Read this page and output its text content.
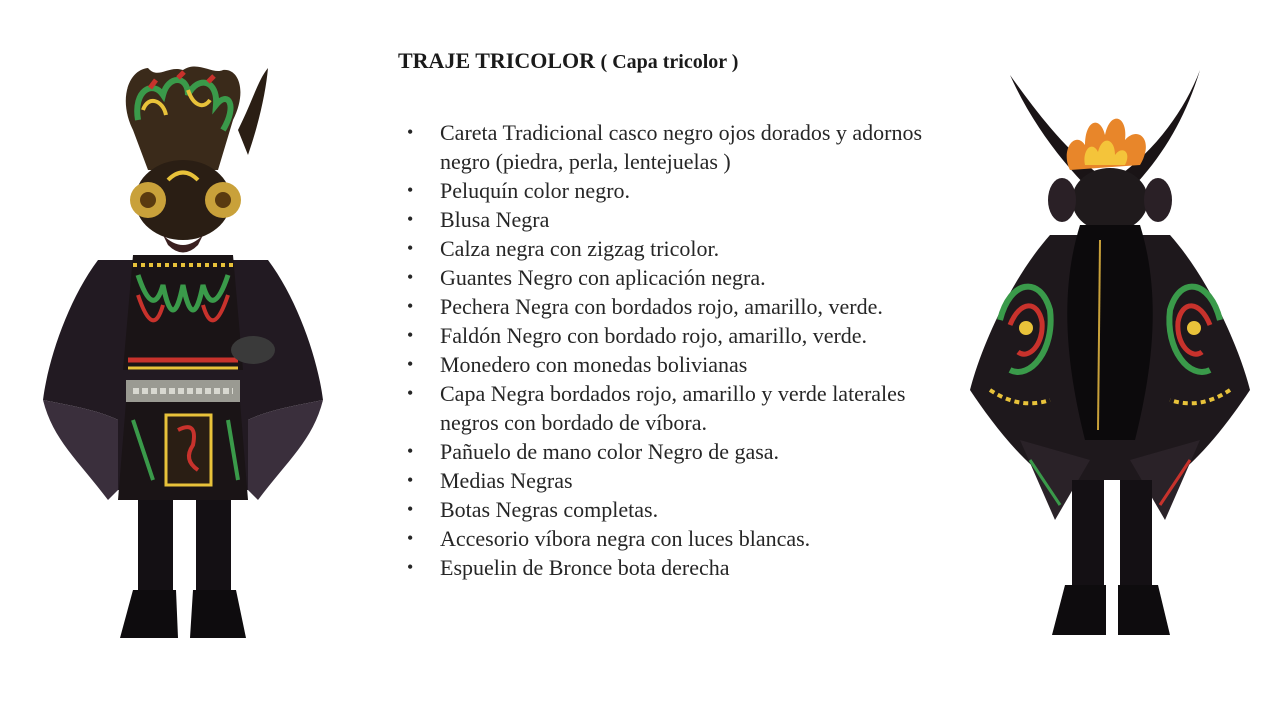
TRAJE TRICOLOR ( Capa tricolor )
• Careta Tradicional casco negro ojos dorados y adornos negro (piedra, perla, lentejuelas )
• Peluquín color negro.
• Blusa Negra
• Calza negra con zigzag tricolor.
• Guantes Negro con aplicación negra.
• Pechera Negra con bordados rojo, amarillo, verde.
• Faldón Negro con bordado rojo, amarillo, verde.
• Monedero con monedas bolivianas
• Capa Negra bordados rojo, amarillo y verde laterales negros con bordado de víbora.
• Pañuelo de mano color Negro de gasa.
• Medias Negras
• Botas Negras completas.
• Accesorio víbora negra con luces blancas.
• Espuelin de Bronce bota derecha
